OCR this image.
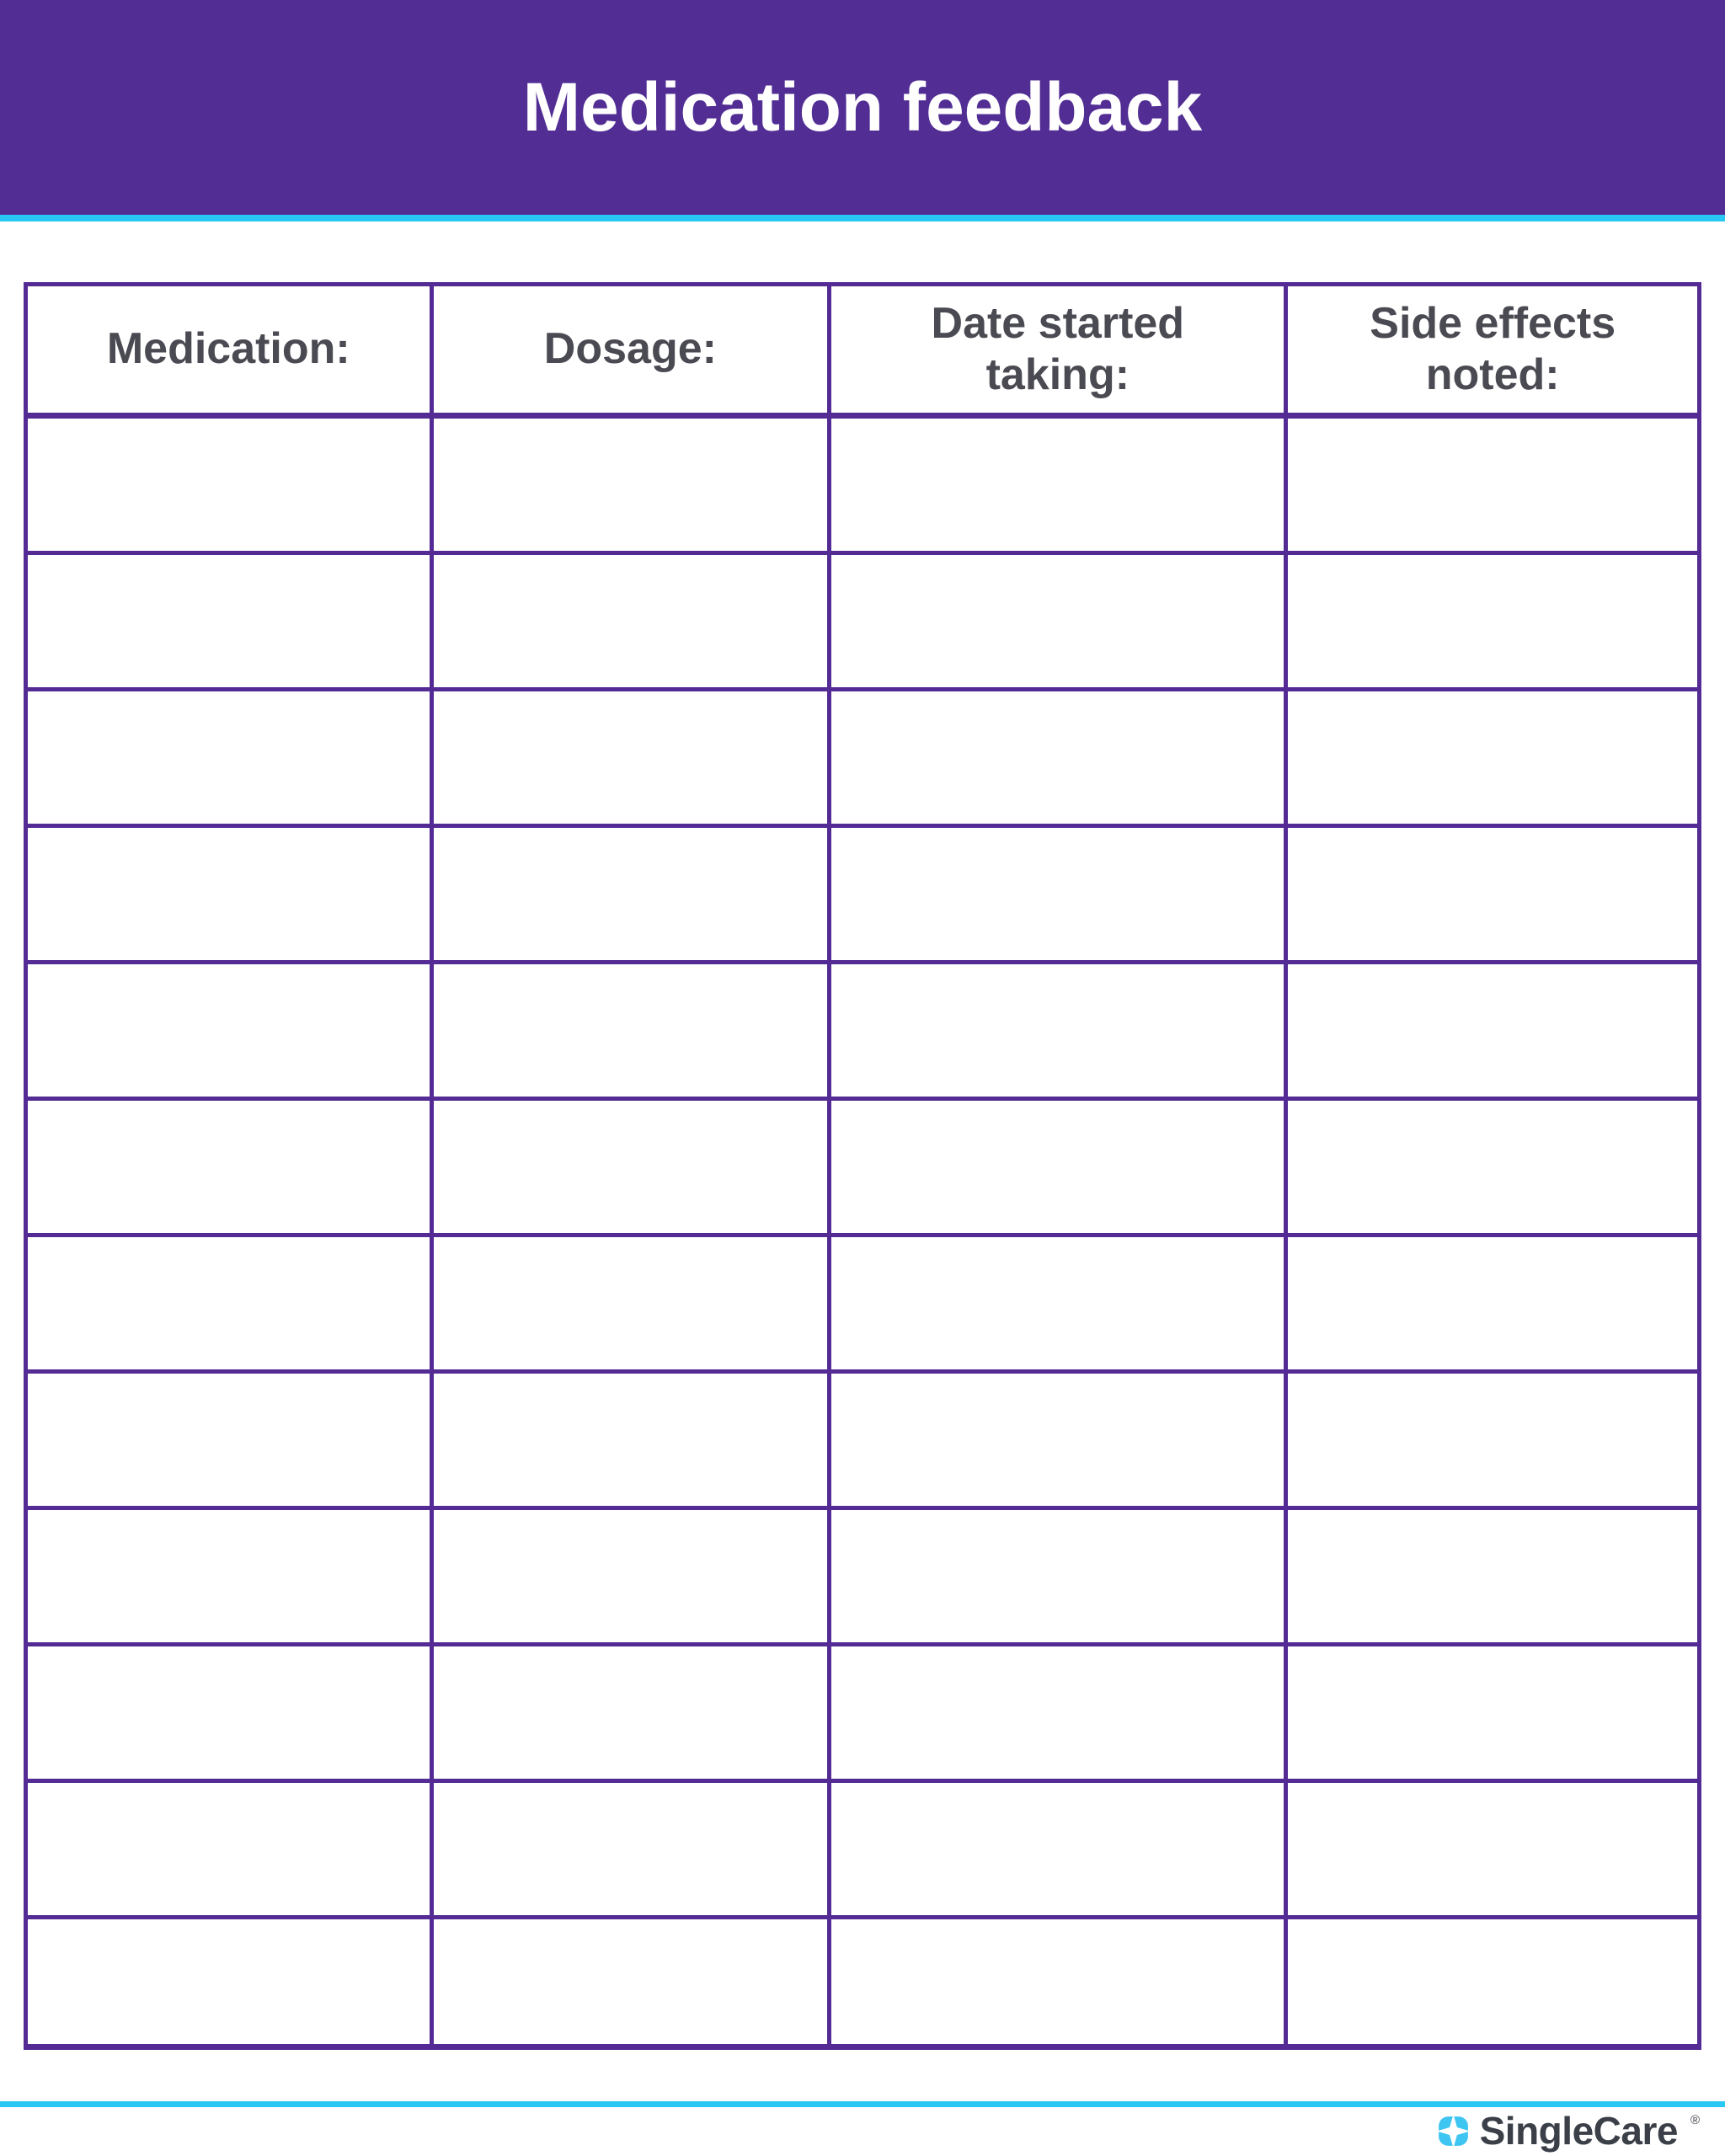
Medication feedback
Medication:	Dosage:
Date started taking:
Side effects noted:
SingleCare ®
